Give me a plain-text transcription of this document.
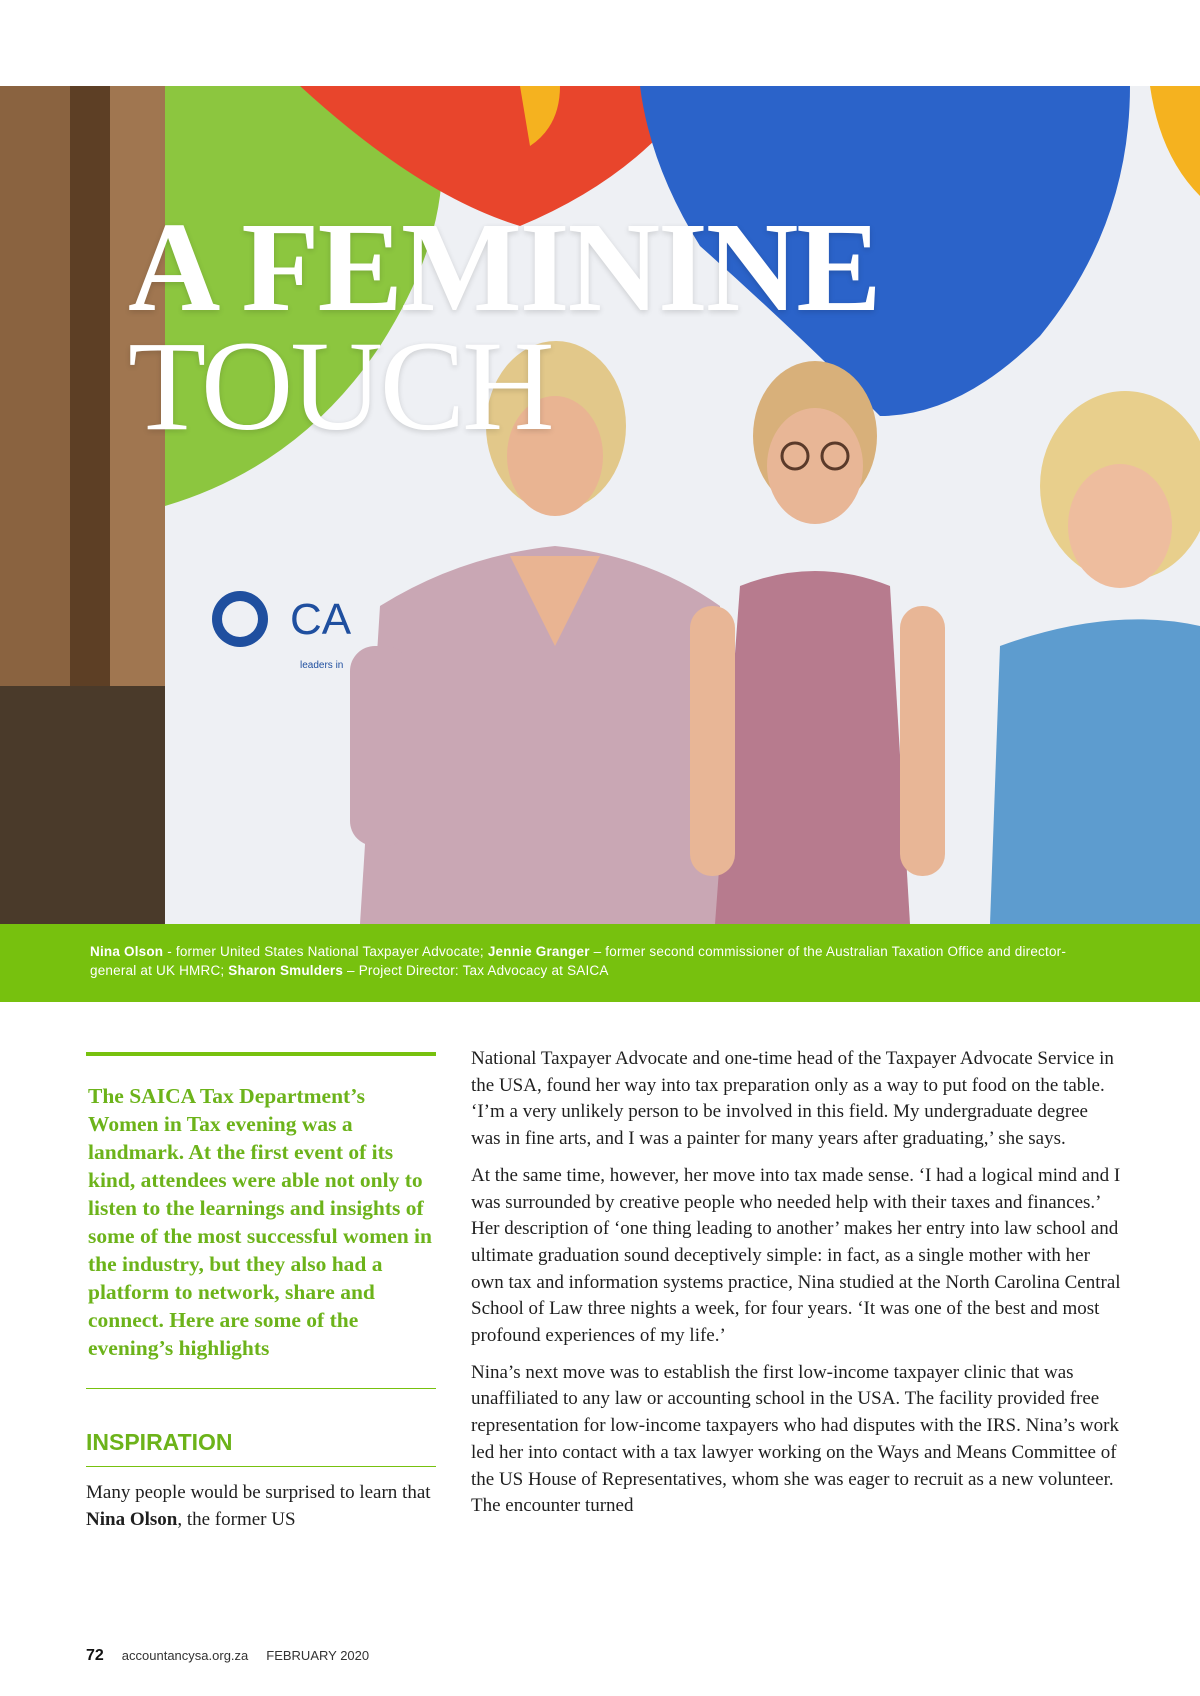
CA
leaders in
A FEMININE
TOUCH
Nina Olson - former United States National Taxpayer Advocate; Jennie Granger – former second commissioner of the Australian Taxation Office and director-general at UK HMRC; Sharon Smulders – Project Director: Tax Advocacy at SAICA
The SAICA Tax Department’s Women in Tax evening was a landmark. At the first event of its kind, attendees were able not only to listen to the learnings and insights of some of the most successful women in the industry, but they also had a platform to network, share and connect. Here are some of the evening’s highlights
INSPIRATION
Many people would be surprised to learn that Nina Olson, the former US

National Taxpayer Advocate and one-time head of the Taxpayer Advocate Service in the USA, found her way into tax preparation only as a way to put food on the table. ‘I’m a very unlikely person to be involved in this field. My undergraduate degree was in fine arts, and I was a painter for many years after graduating,’ she says.

At the same time, however, her move into tax made sense. ‘I had a logical mind and I was surrounded by creative people who needed help with their taxes and finances.’ Her description of ‘one thing leading to another’ makes her entry into law school and ultimate graduation sound deceptively simple: in fact, as a single mother with her own tax and information systems practice, Nina studied at the North Carolina Central School of Law three nights a week, for four years. ‘It was one of the best and most profound experiences of my life.’

Nina’s next move was to establish the first low-income taxpayer clinic that was unaffiliated to any law or accounting school in the USA. The facility provided free representation for low-income taxpayers who had disputes with the IRS. Nina’s work led her into contact with a tax lawyer working on the Ways and Means Committee of the US House of Representatives, whom she was eager to recruit as a new volunteer. The encounter turned

72 accountancysa.org.za FEBRUARY 2020
